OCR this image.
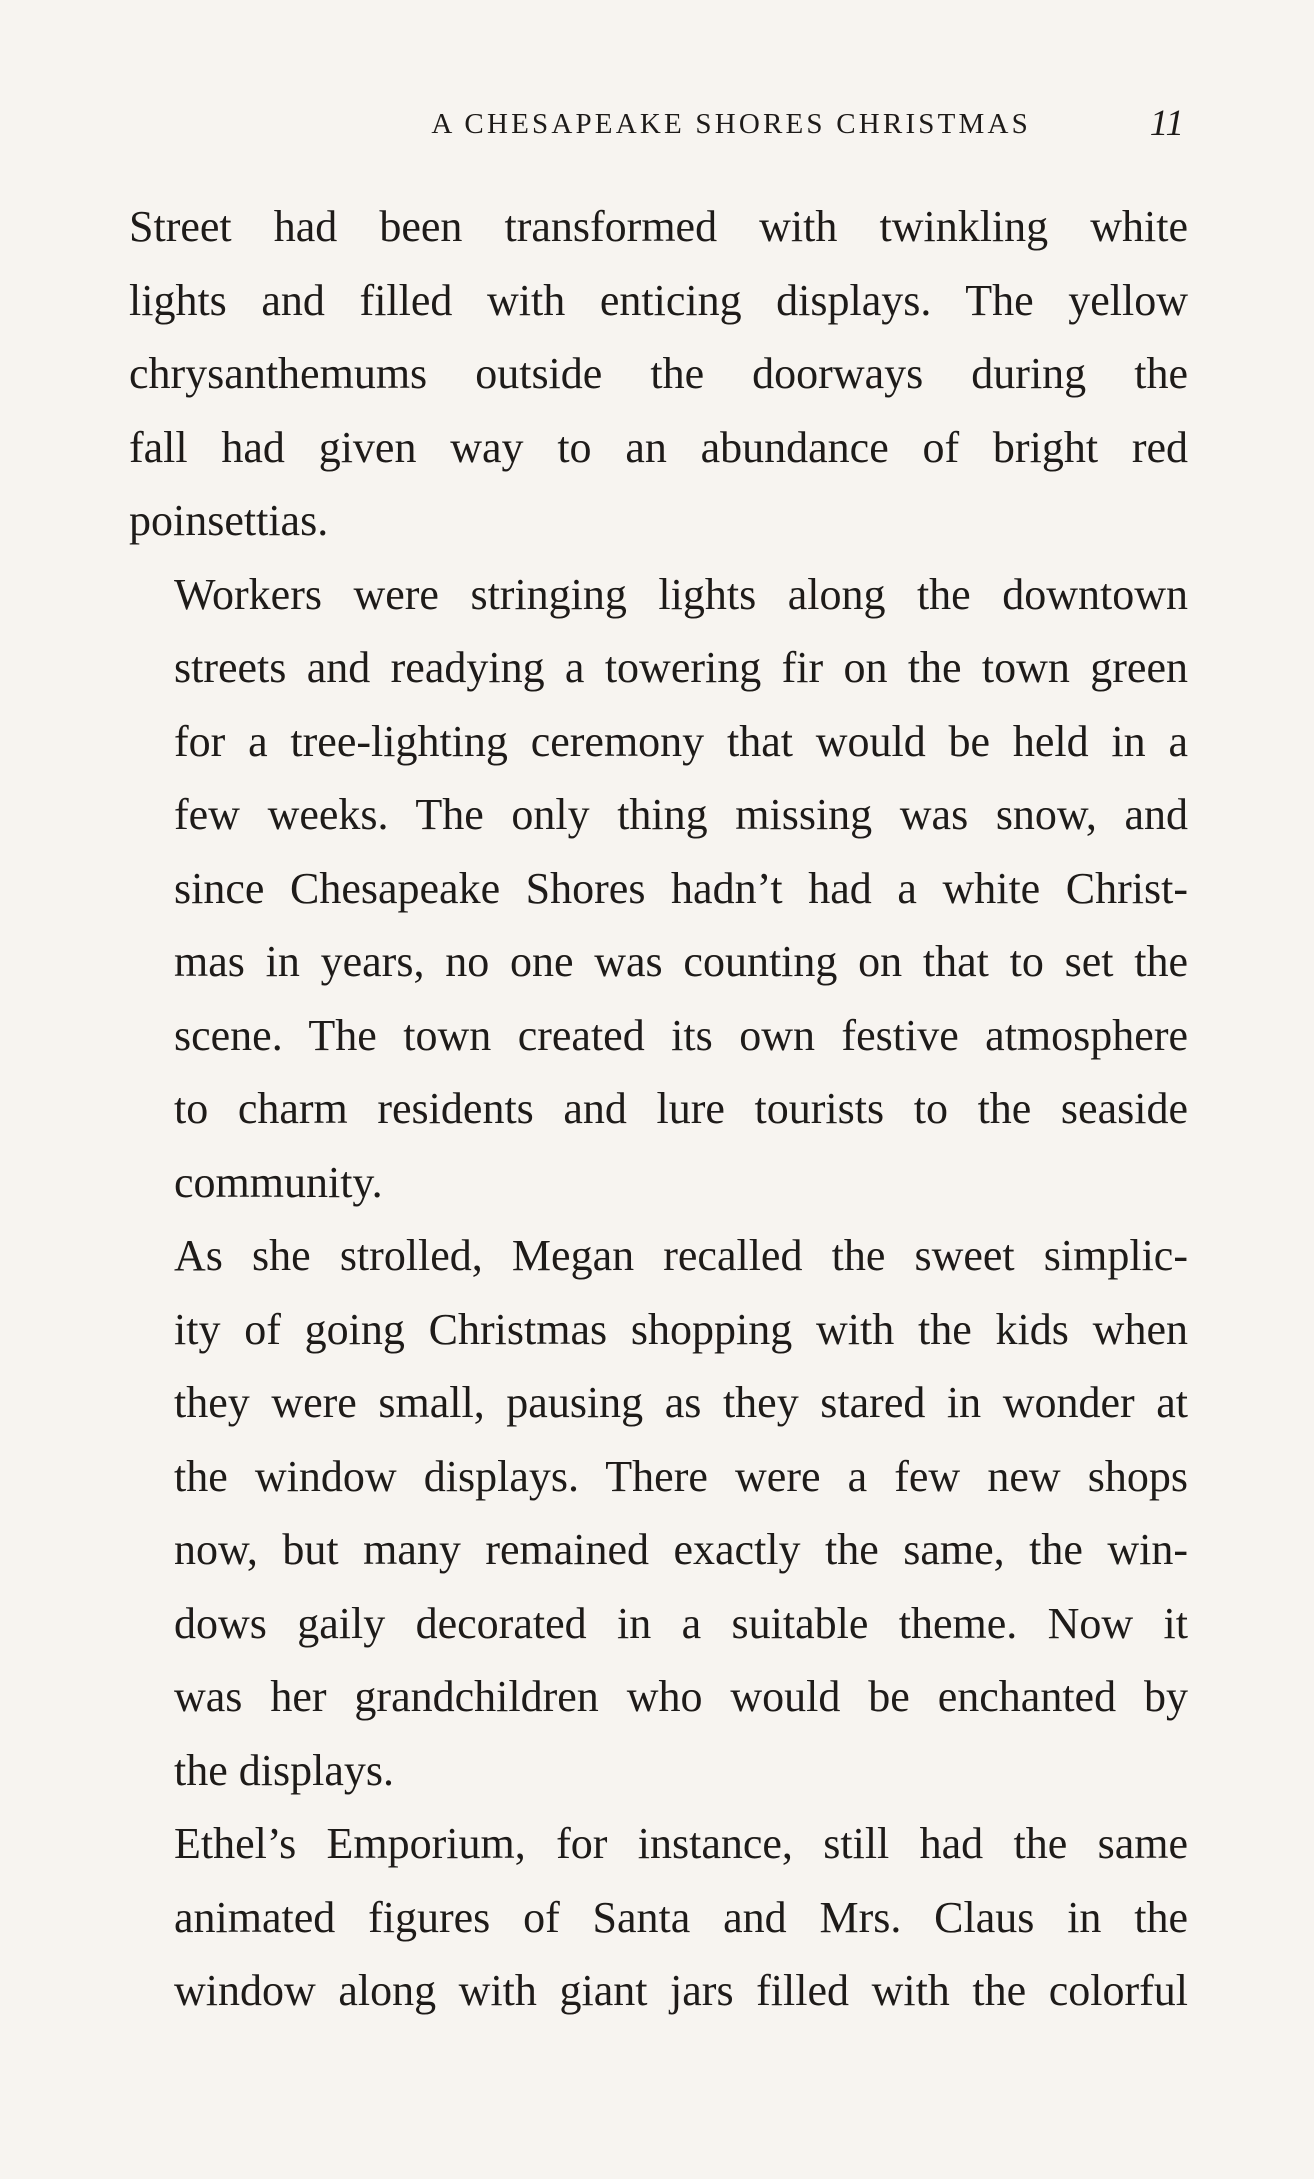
A CHESAPEAKE SHORES CHRISTMAS	11

Street had been transformed with twinkling white
lights and filled with enticing displays. The yellow
chrysanthemums outside the doorways during the
fall had given way to an abundance of bright red
poinsettias.

Workers were stringing lights along the downtown
streets and readying a towering fir on the town green
for a tree-lighting ceremony that would be held in a
few weeks. The only thing missing was snow, and
since Chesapeake Shores hadn’t had a white Christ-
mas in years, no one was counting on that to set the
scene. The town created its own festive atmosphere
to charm residents and lure tourists to the seaside
community.

As she strolled, Megan recalled the sweet simplic-
ity of going Christmas shopping with the kids when
they were small, pausing as they stared in wonder at
the window displays. There were a few new shops
now, but many remained exactly the same, the win-
dows gaily decorated in a suitable theme. Now it
was her grandchildren who would be enchanted by
the displays.

Ethel’s Emporium, for instance, still had the same
animated figures of Santa and Mrs. Claus in the
window along with giant jars filled with the colorful
